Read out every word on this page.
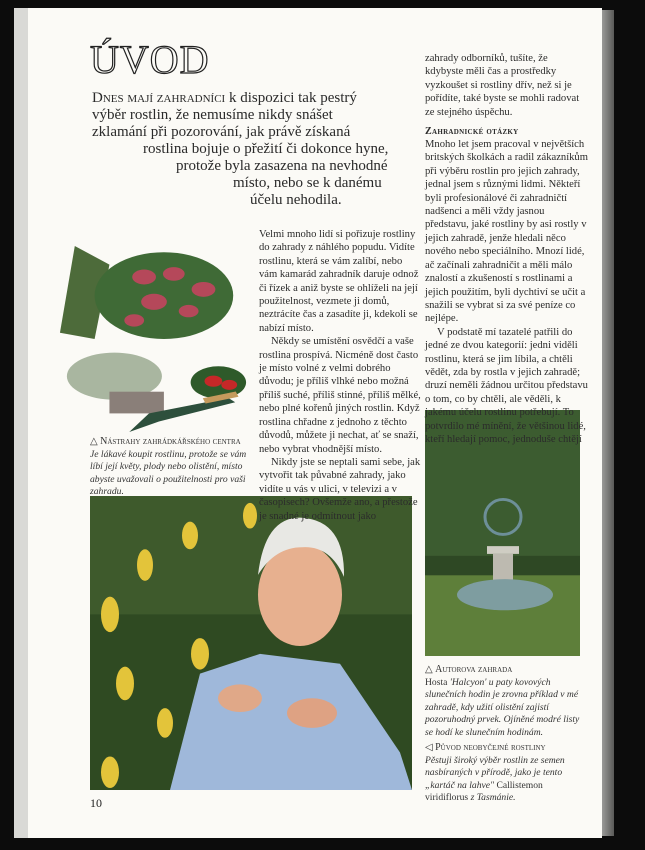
ÚVOD
Dnes mají zahradníci k dispozici tak pestrý
výběr rostlin, že nemusíme nikdy snášet
zklamání při pozorování, jak právě získaná
rostlina bojuje o přežití či dokonce hyne,
protože byla zasazena na nevhodné
místo, nebo se k danému
účelu nehodila.
△ Nástrahy zahrádkářského centra
Je lákavé koupit rostlinu, protože se vám líbí její květy, plody nebo olistění, místo abyste uvažovali o použitelnosti pro vaši zahradu.

Velmi mnoho lidí si pořizuje rostliny do zahrady z náhlého popudu. Vidíte rostlinu, která se vám zalíbí, nebo vám kamarád zahradník daruje odnož či řízek a aniž byste se ohlíželi na její použitelnost, vezmete ji domů, neztrácíte čas a zasadíte ji, kdekoli se nabízí místo.

Někdy se umístění osvědčí a vaše rostlina prospívá. Nicméně dost často je místo volné z velmi dobrého důvodu; je příliš vlhké nebo možná příliš suché, příliš stinné, příliš mělké, nebo plné kořenů jiných rostlin. Když rostlina chřadne z jednoho z těchto důvodů, můžete ji nechat, ať se snaží, nebo vybrat vhodnější místo.

Nikdy jste se neptali sami sebe, jak vytvořit tak půvabné zahrady, jako vidíte u vás v ulici, v televizi a v časopisech? Ovšemže ano, a přestože je snadné je odmítnout jako

zahrady odborníků, tušíte, že kdybyste měli čas a prostředky vyzkoušet si rostliny dřív, než si je pořídíte, také byste se mohli radovat ze stejného úspěchu.

Zahradnické otázky

Mnoho let jsem pracoval v největších britských školkách a radil zákazníkům při výběru rostlin pro jejich zahrady, jednal jsem s různými lidmi. Někteří byli profesionálové či zahradničtí nadšenci a měli vždy jasnou představu, jaké rostliny by asi rostly v jejich zahradě, jenže hledali něco nového nebo speciálního. Mnozí lidé, ač začínali zahradničit a měli málo znalostí a zkušeností s rostlinami a jejich použitím, byli dychtiví se učit a snažili se vybrat si za své peníze co nejlépe.

V podstatě mí tazatelé patřili do jedné ze dvou kategorií: jedni viděli rostlinu, která se jim líbila, a chtěli vědět, zda by rostla v jejich zahradě; druzí neměli žádnou určitou představu o tom, co by chtěli, ale věděli, k jakému účelu rostlinu potřebují. To potvrdilo mé mínění, že většinou lidé, kteří hledají pomoc, jednoduše chtějí

△ Autorova zahrada
Hosta 'Halcyon' u paty kovových slunečních hodin je zrovna příklad v mé zahradě, kdy užití olistění zajistí pozoruhodný prvek. Ojíněné modré listy se hodí ke slunečním hodinám.
◁ Původ neobyčejné rostliny
Pěstuji široký výběr rostlin ze semen nasbíraných v přírodě, jako je tento „kartáč na lahve" Callistemon viridiflorus z Tasmánie.
10
